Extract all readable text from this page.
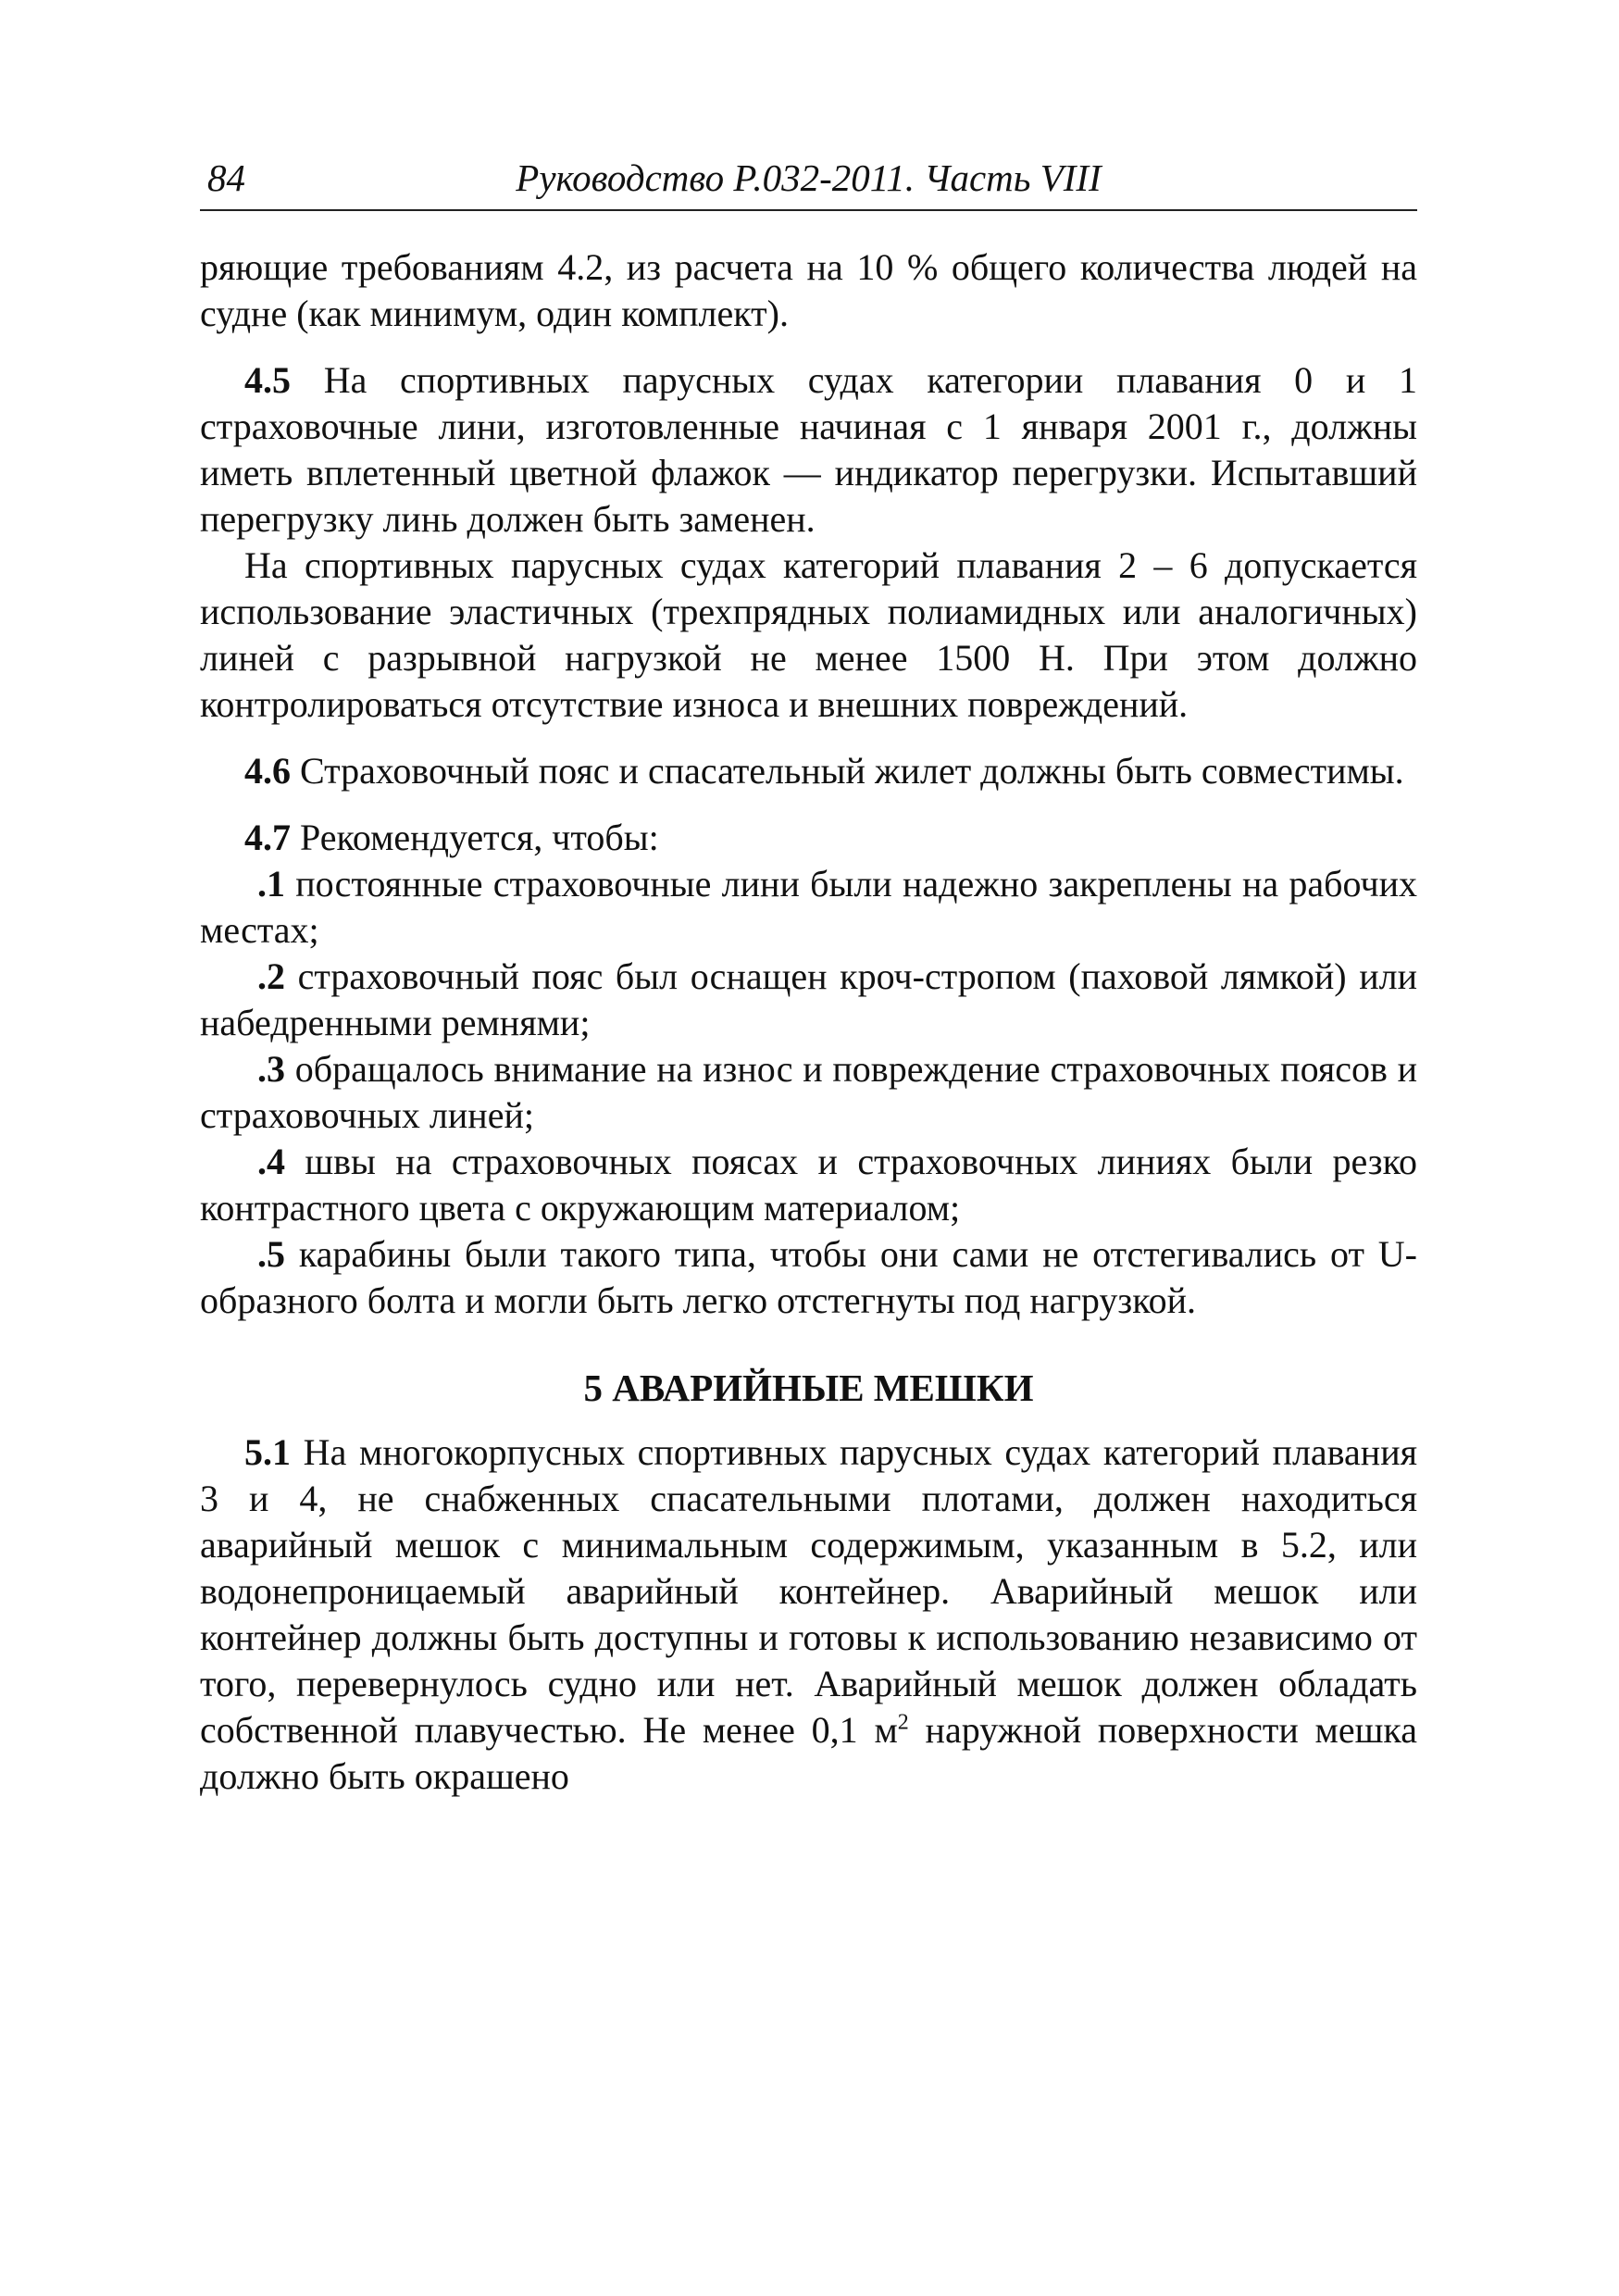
84	Руководство Р.032-2011. Часть VIII

ряющие требованиям 4.2, из расчета на 10 % общего количества людей на судне (как минимум, один комплект).

4.5 На спортивных парусных судах категории плавания 0 и 1 страховочные лини, изготовленные начиная с 1 января 2001 г., должны иметь вплетенный цветной флажок — индикатор перегрузки. Испытавший перегрузку линь должен быть заменен.

На спортивных парусных судах категорий плавания 2 – 6 допускается использование эластичных (трехпрядных полиамидных или аналогичных) линей с разрывной нагрузкой не менее 1500 Н. При этом должно контролироваться отсутствие износа и внешних повреждений.

4.6 Страховочный пояс и спасательный жилет должны быть совместимы.

4.7 Рекомендуется, чтобы:

.1 постоянные страховочные лини были надежно закреплены на рабочих местах;

.2 страховочный пояс был оснащен кроч-стропом (паховой лямкой) или набедренными ремнями;

.3 обращалось внимание на износ и повреждение страховочных поясов и страховочных линей;

.4 швы на страховочных поясах и страховочных линиях были резко контрастного цвета с окружающим материалом;

.5 карабины были такого типа, чтобы они сами не отстегивались от U-образного болта и могли быть легко отстегнуты под нагрузкой.

5 АВАРИЙНЫЕ МЕШКИ

5.1 На многокорпусных спортивных парусных судах категорий плавания 3 и 4, не снабженных спасательными плотами, должен находиться аварийный мешок с минимальным содержимым, указанным в 5.2, или водонепроницаемый аварийный контейнер. Аварийный мешок или контейнер должны быть доступны и готовы к использованию независимо от того, перевернулось судно или нет. Аварийный мешок должен обладать собственной плавучестью. Не менее 0,1 $м^2$ наружной поверхности мешка должно быть окрашено
